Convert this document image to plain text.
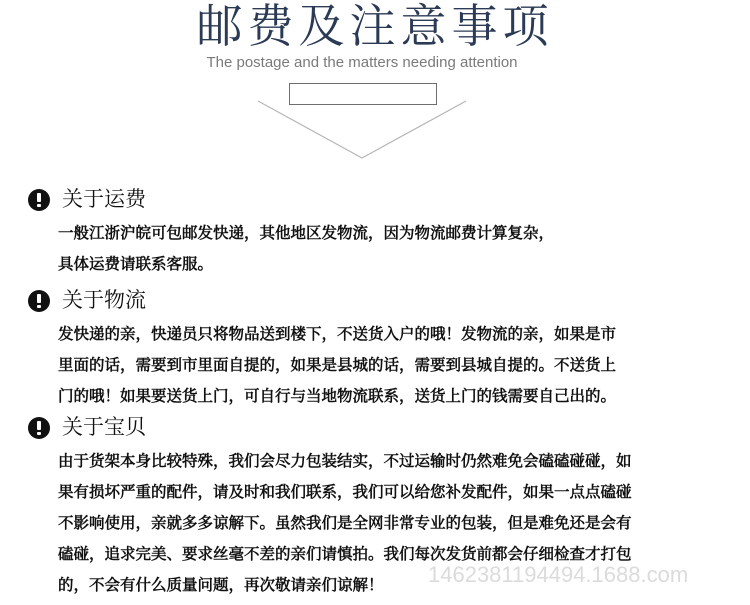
邮费及注意事项
The postage and the matters needing attention
关于运费
一般江浙沪皖可包邮发快递，其他地区发物流，因为物流邮费计算复杂，
具体运费请联系客服。
关于物流
发快递的亲，快递员只将物品送到楼下，不送货入户的哦！发物流的亲，如果是市
里面的话，需要到市里面自提的，如果是县城的话，需要到县城自提的。不送货上
门的哦！如果要送货上门，可自行与当地物流联系，送货上门的钱需要自己出的。
关于宝贝
由于货架本身比较特殊，我们会尽力包装结实，不过运输时仍然难免会磕磕碰碰，如
果有损坏严重的配件，请及时和我们联系，我们可以给您补发配件，如果一点点磕碰
不影响使用，亲就多多谅解下。虽然我们是全网非常专业的包装，但是难免还是会有
磕碰，追求完美、要求丝毫不差的亲们请慎拍。我们每次发货前都会仔细检查才打包
的，不会有什么质量问题，再次敬请亲们谅解！	1462381194494.1688.com
